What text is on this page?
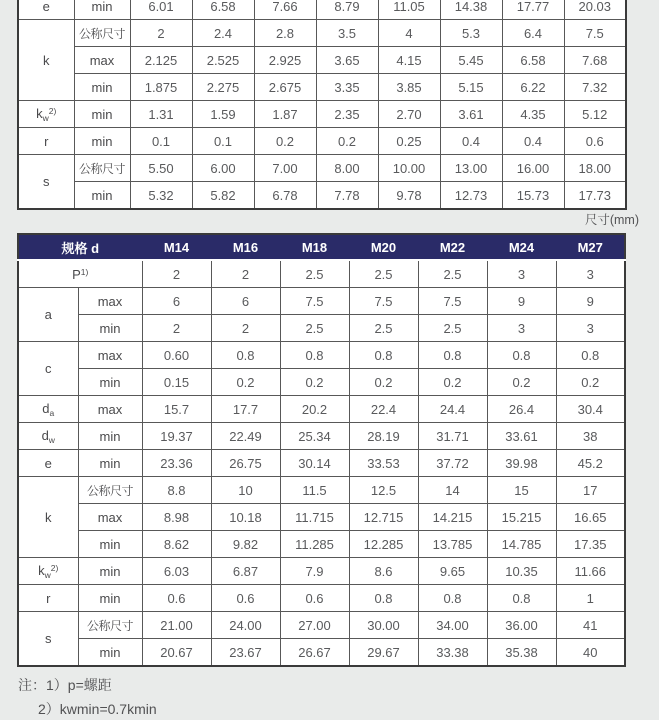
e	min	6.01	6.58	7.66	8.79	11.05	14.38	17.77	20.03
k	公称尺寸	2	2.4	2.8	3.5	4	5.3	6.4	7.5
	max	2.125	2.525	2.925	3.65	4.15	5.45	6.58	7.68
	min	1.875	2.275	2.675	3.35	3.85	5.15	6.22	7.32
$k_w^{2)}$	min	1.31	1.59	1.87	2.35	2.70	3.61	4.35	5.12
r	min	0.1	0.1	0.2	0.2	0.25	0.4	0.4	0.6
s	公称尺寸	5.50	6.00	7.00	8.00	10.00	13.00	16.00	18.00
	min	5.32	5.82	6.78	7.78	9.78	12.73	15.73	17.73
尺寸(mm)
规格 d		M14	M16	M18	M20	M22	M24	M27
$P^{1)}$		2	2	2.5	2.5	2.5	3	3
a	max	6	6	7.5	7.5	7.5	9	9
	min	2	2	2.5	2.5	2.5	3	3
c	max	0.60	0.8	0.8	0.8	0.8	0.8	0.8
	min	0.15	0.2	0.2	0.2	0.2	0.2	0.2
$d_a$	max	15.7	17.7	20.2	22.4	24.4	26.4	30.4
$d_w$	min	19.37	22.49	25.34	28.19	31.71	33.61	38
e	min	23.36	26.75	30.14	33.53	37.72	39.98	45.2
k	公称尺寸	8.8	10	11.5	12.5	14	15	17
	max	8.98	10.18	11.715	12.715	14.215	15.215	16.65
	min	8.62	9.82	11.285	12.285	13.785	14.785	17.35
$k_w^{2)}$	min	6.03	6.87	7.9	8.6	9.65	10.35	11.66
r	min	0.6	0.6	0.6	0.8	0.8	0.8	1
s	公称尺寸	21.00	24.00	27.00	30.00	34.00	36.00	41
	min	20.67	23.67	26.67	29.67	33.38	35.38	40
注：1）p=螺距
2）kwmin=0.7kmin
